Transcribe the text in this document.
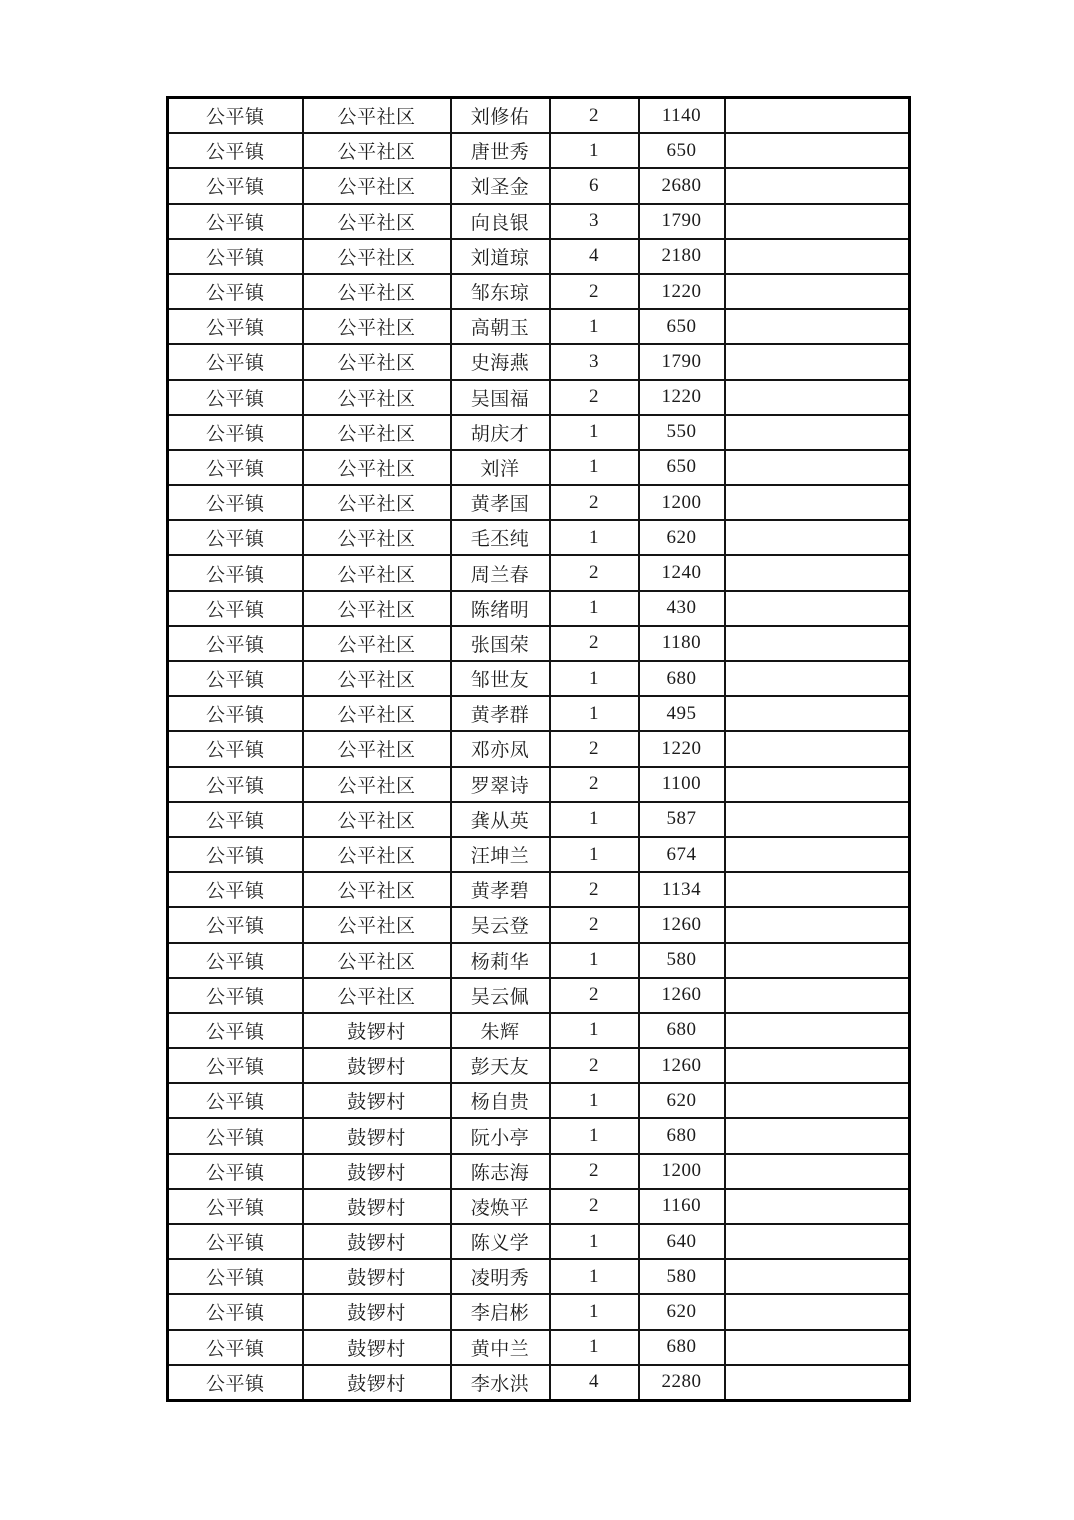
公平镇	公平社区	刘修佑	2	1140	
公平镇	公平社区	唐世秀	1	650	
公平镇	公平社区	刘圣金	6	2680	
公平镇	公平社区	向良银	3	1790	
公平镇	公平社区	刘道琼	4	2180	
公平镇	公平社区	邹东琼	2	1220	
公平镇	公平社区	高朝玉	1	650	
公平镇	公平社区	史海燕	3	1790	
公平镇	公平社区	吴国福	2	1220	
公平镇	公平社区	胡庆才	1	550	
公平镇	公平社区	刘洋	1	650	
公平镇	公平社区	黄孝国	2	1200	
公平镇	公平社区	毛丕纯	1	620	
公平镇	公平社区	周兰春	2	1240	
公平镇	公平社区	陈绪明	1	430	
公平镇	公平社区	张国荣	2	1180	
公平镇	公平社区	邹世友	1	680	
公平镇	公平社区	黄孝群	1	495	
公平镇	公平社区	邓亦凤	2	1220	
公平镇	公平社区	罗翠诗	2	1100	
公平镇	公平社区	龚从英	1	587	
公平镇	公平社区	汪坤兰	1	674	
公平镇	公平社区	黄孝碧	2	1134	
公平镇	公平社区	吴云登	2	1260	
公平镇	公平社区	杨莉华	1	580	
公平镇	公平社区	吴云佩	2	1260	
公平镇	鼓锣村	朱辉	1	680	
公平镇	鼓锣村	彭天友	2	1260	
公平镇	鼓锣村	杨自贵	1	620	
公平镇	鼓锣村	阮小亭	1	680	
公平镇	鼓锣村	陈志海	2	1200	
公平镇	鼓锣村	凌焕平	2	1160	
公平镇	鼓锣村	陈义学	1	640	
公平镇	鼓锣村	凌明秀	1	580	
公平镇	鼓锣村	李启彬	1	620	
公平镇	鼓锣村	黄中兰	1	680	
公平镇	鼓锣村	李水洪	4	2280	
